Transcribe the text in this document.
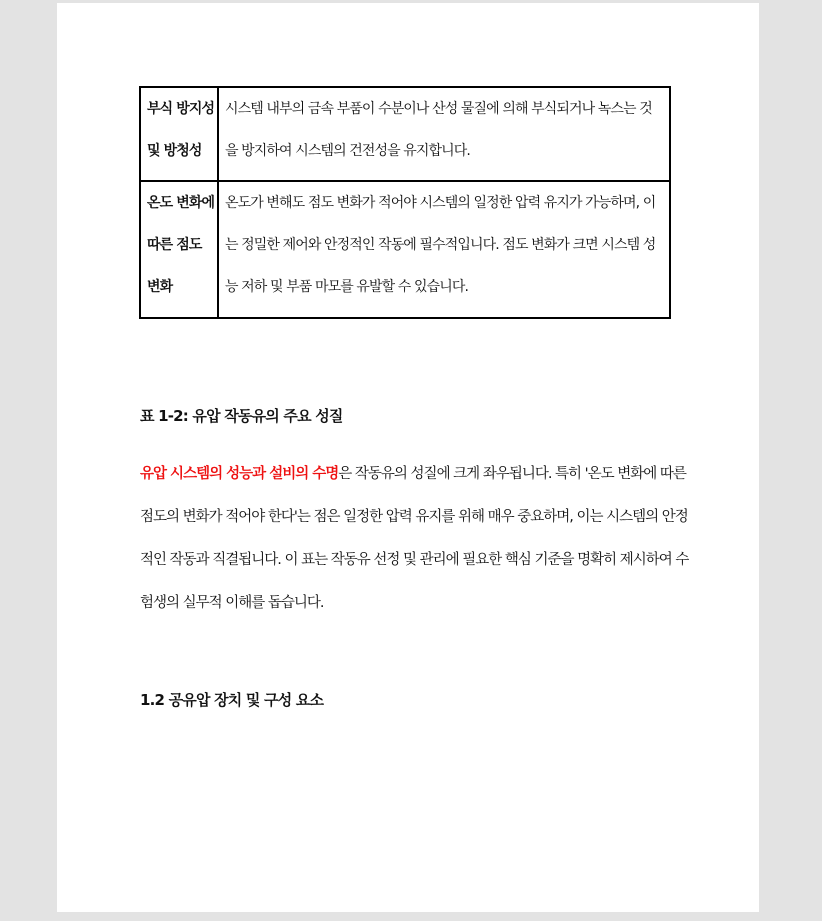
부식 방지성 및 방청성	시스템 내부의 금속 부품이 수분이나 산성 물질에 의해 부식되거나 녹스는 것을 방지하여 시스템의 건전성을 유지합니다.
온도 변화에 따른 점도 변화	온도가 변해도 점도 변화가 적어야 시스템의 일정한 압력 유지가 가능하며, 이는 정밀한 제어와 안정적인 작동에 필수적입니다. 점도 변화가 크면 시스템 성능 저하 및 부품 마모를 유발할 수 있습니다.

표 1-2: 유압 작동유의 주요 성질

유압 시스템의 성능과 설비의 수명은 작동유의 성질에 크게 좌우됩니다. 특히 '온도 변화에 따른 점도의 변화가 적어야 한다'는 점은 일정한 압력 유지를 위해 매우 중요하며, 이는 시스템의 안정적인 작동과 직결됩니다. 이 표는 작동유 선정 및 관리에 필요한 핵심 기준을 명확히 제시하여 수험생의 실무적 이해를 돕습니다.

1.2 공유압 장치 및 구성 요소
